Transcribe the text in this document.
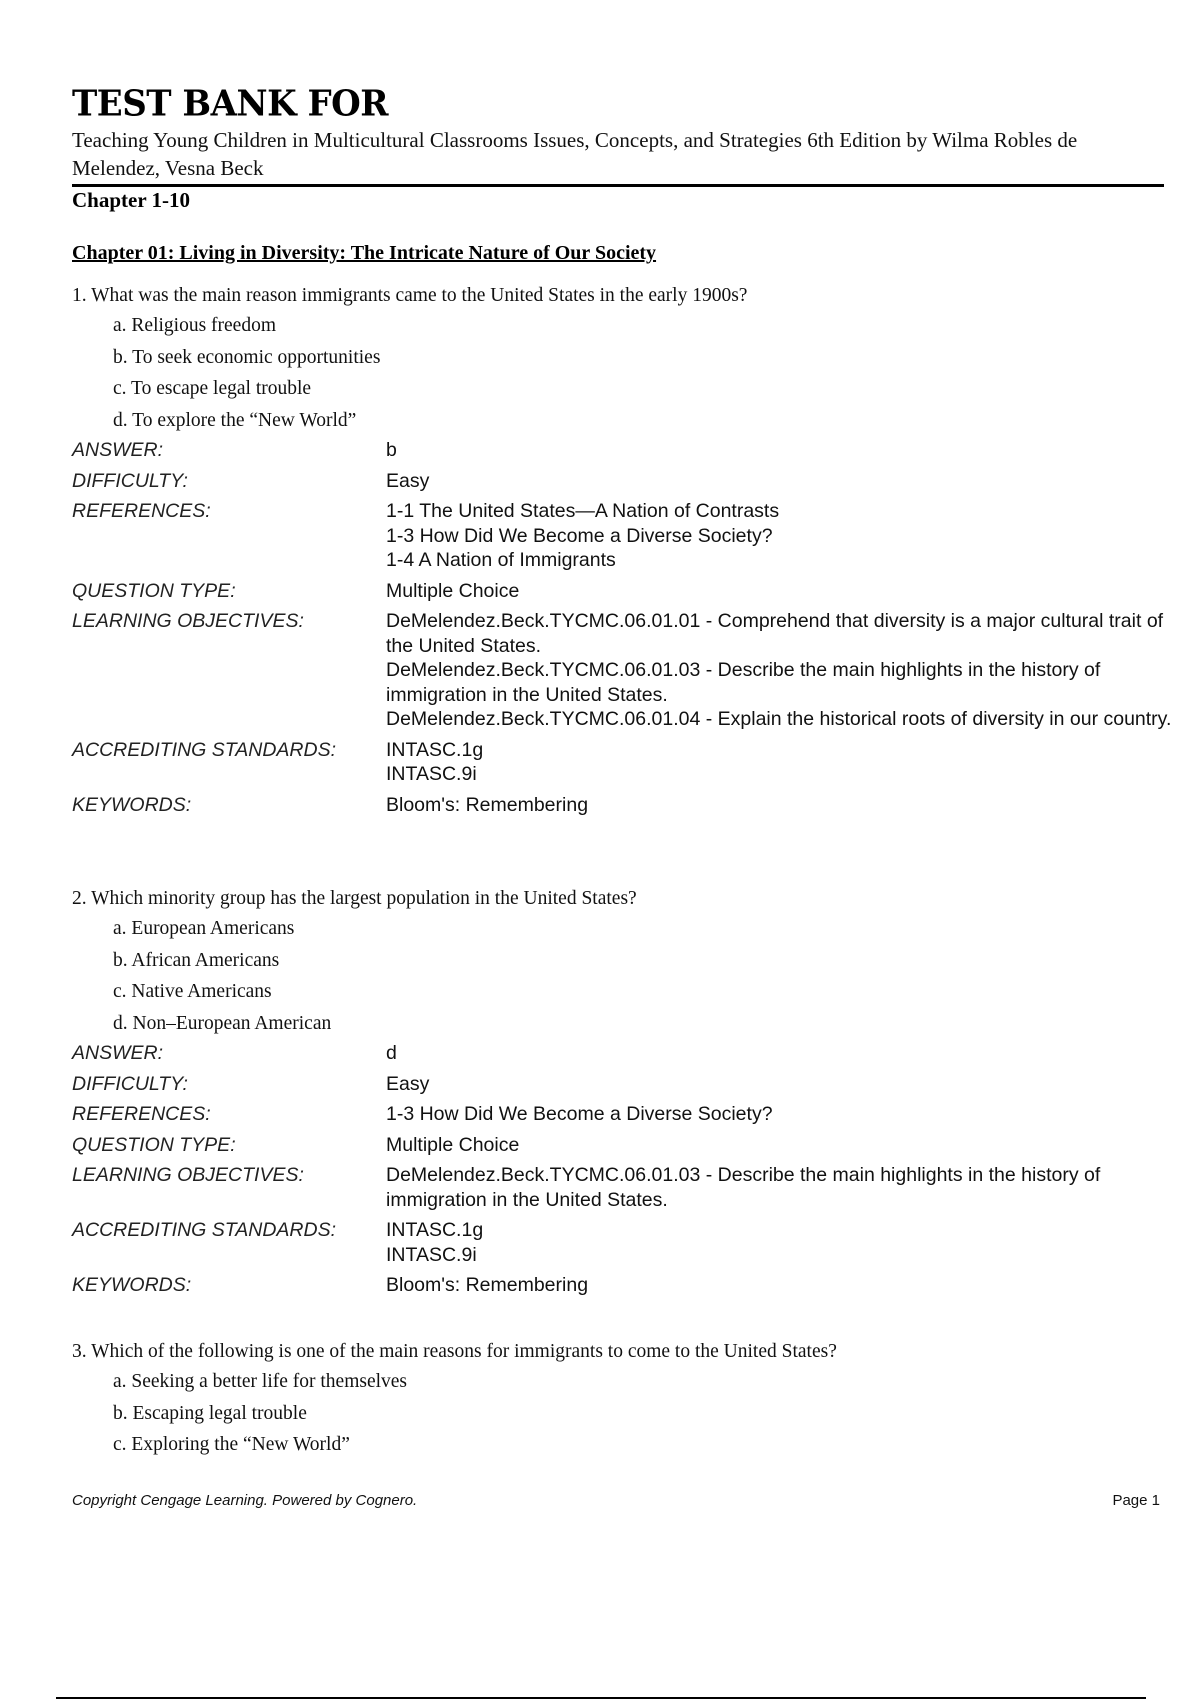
TEST BANK FOR
Teaching Young Children in Multicultural Classrooms Issues, Concepts, and Strategies 6th Edition by Wilma Robles de Melendez, Vesna Beck
Chapter 1-10
Chapter 01: Living in Diversity: The Intricate Nature of Our Society
1. What was the main reason immigrants came to the United States in the early 1900s?
a. Religious freedom
b. To seek economic opportunities
c. To escape legal trouble
d. To explore the “New World”
ANSWER:	b
DIFFICULTY:	Easy
REFERENCES:	1-1 The United States—A Nation of Contrasts
1-3 How Did We Become a Diverse Society?
1-4 A Nation of Immigrants
QUESTION TYPE:	Multiple Choice
LEARNING OBJECTIVES:	DeMelendez.Beck.TYCMC.06.01.01 - Comprehend that diversity is a major cultural trait of the United States.
DeMelendez.Beck.TYCMC.06.01.03 - Describe the main highlights in the history of immigration in the United States.
DeMelendez.Beck.TYCMC.06.01.04 - Explain the historical roots of diversity in our country.
ACCREDITING STANDARDS:	INTASC.1g
INTASC.9i
KEYWORDS:	Bloom's: Remembering
2. Which minority group has the largest population in the United States?
a. European Americans
b. African Americans
c. Native Americans
d. Non–European American
ANSWER:	d
DIFFICULTY:	Easy
REFERENCES:	1-3 How Did We Become a Diverse Society?
QUESTION TYPE:	Multiple Choice
LEARNING OBJECTIVES:	DeMelendez.Beck.TYCMC.06.01.03 - Describe the main highlights in the history of immigration in the United States.
ACCREDITING STANDARDS:	INTASC.1g
INTASC.9i
KEYWORDS:	Bloom's: Remembering
3. Which of the following is one of the main reasons for immigrants to come to the United States?
a. Seeking a better life for themselves
b. Escaping legal trouble
c. Exploring the “New World”
Copyright Cengage Learning. Powered by Cognero.	Page 1
